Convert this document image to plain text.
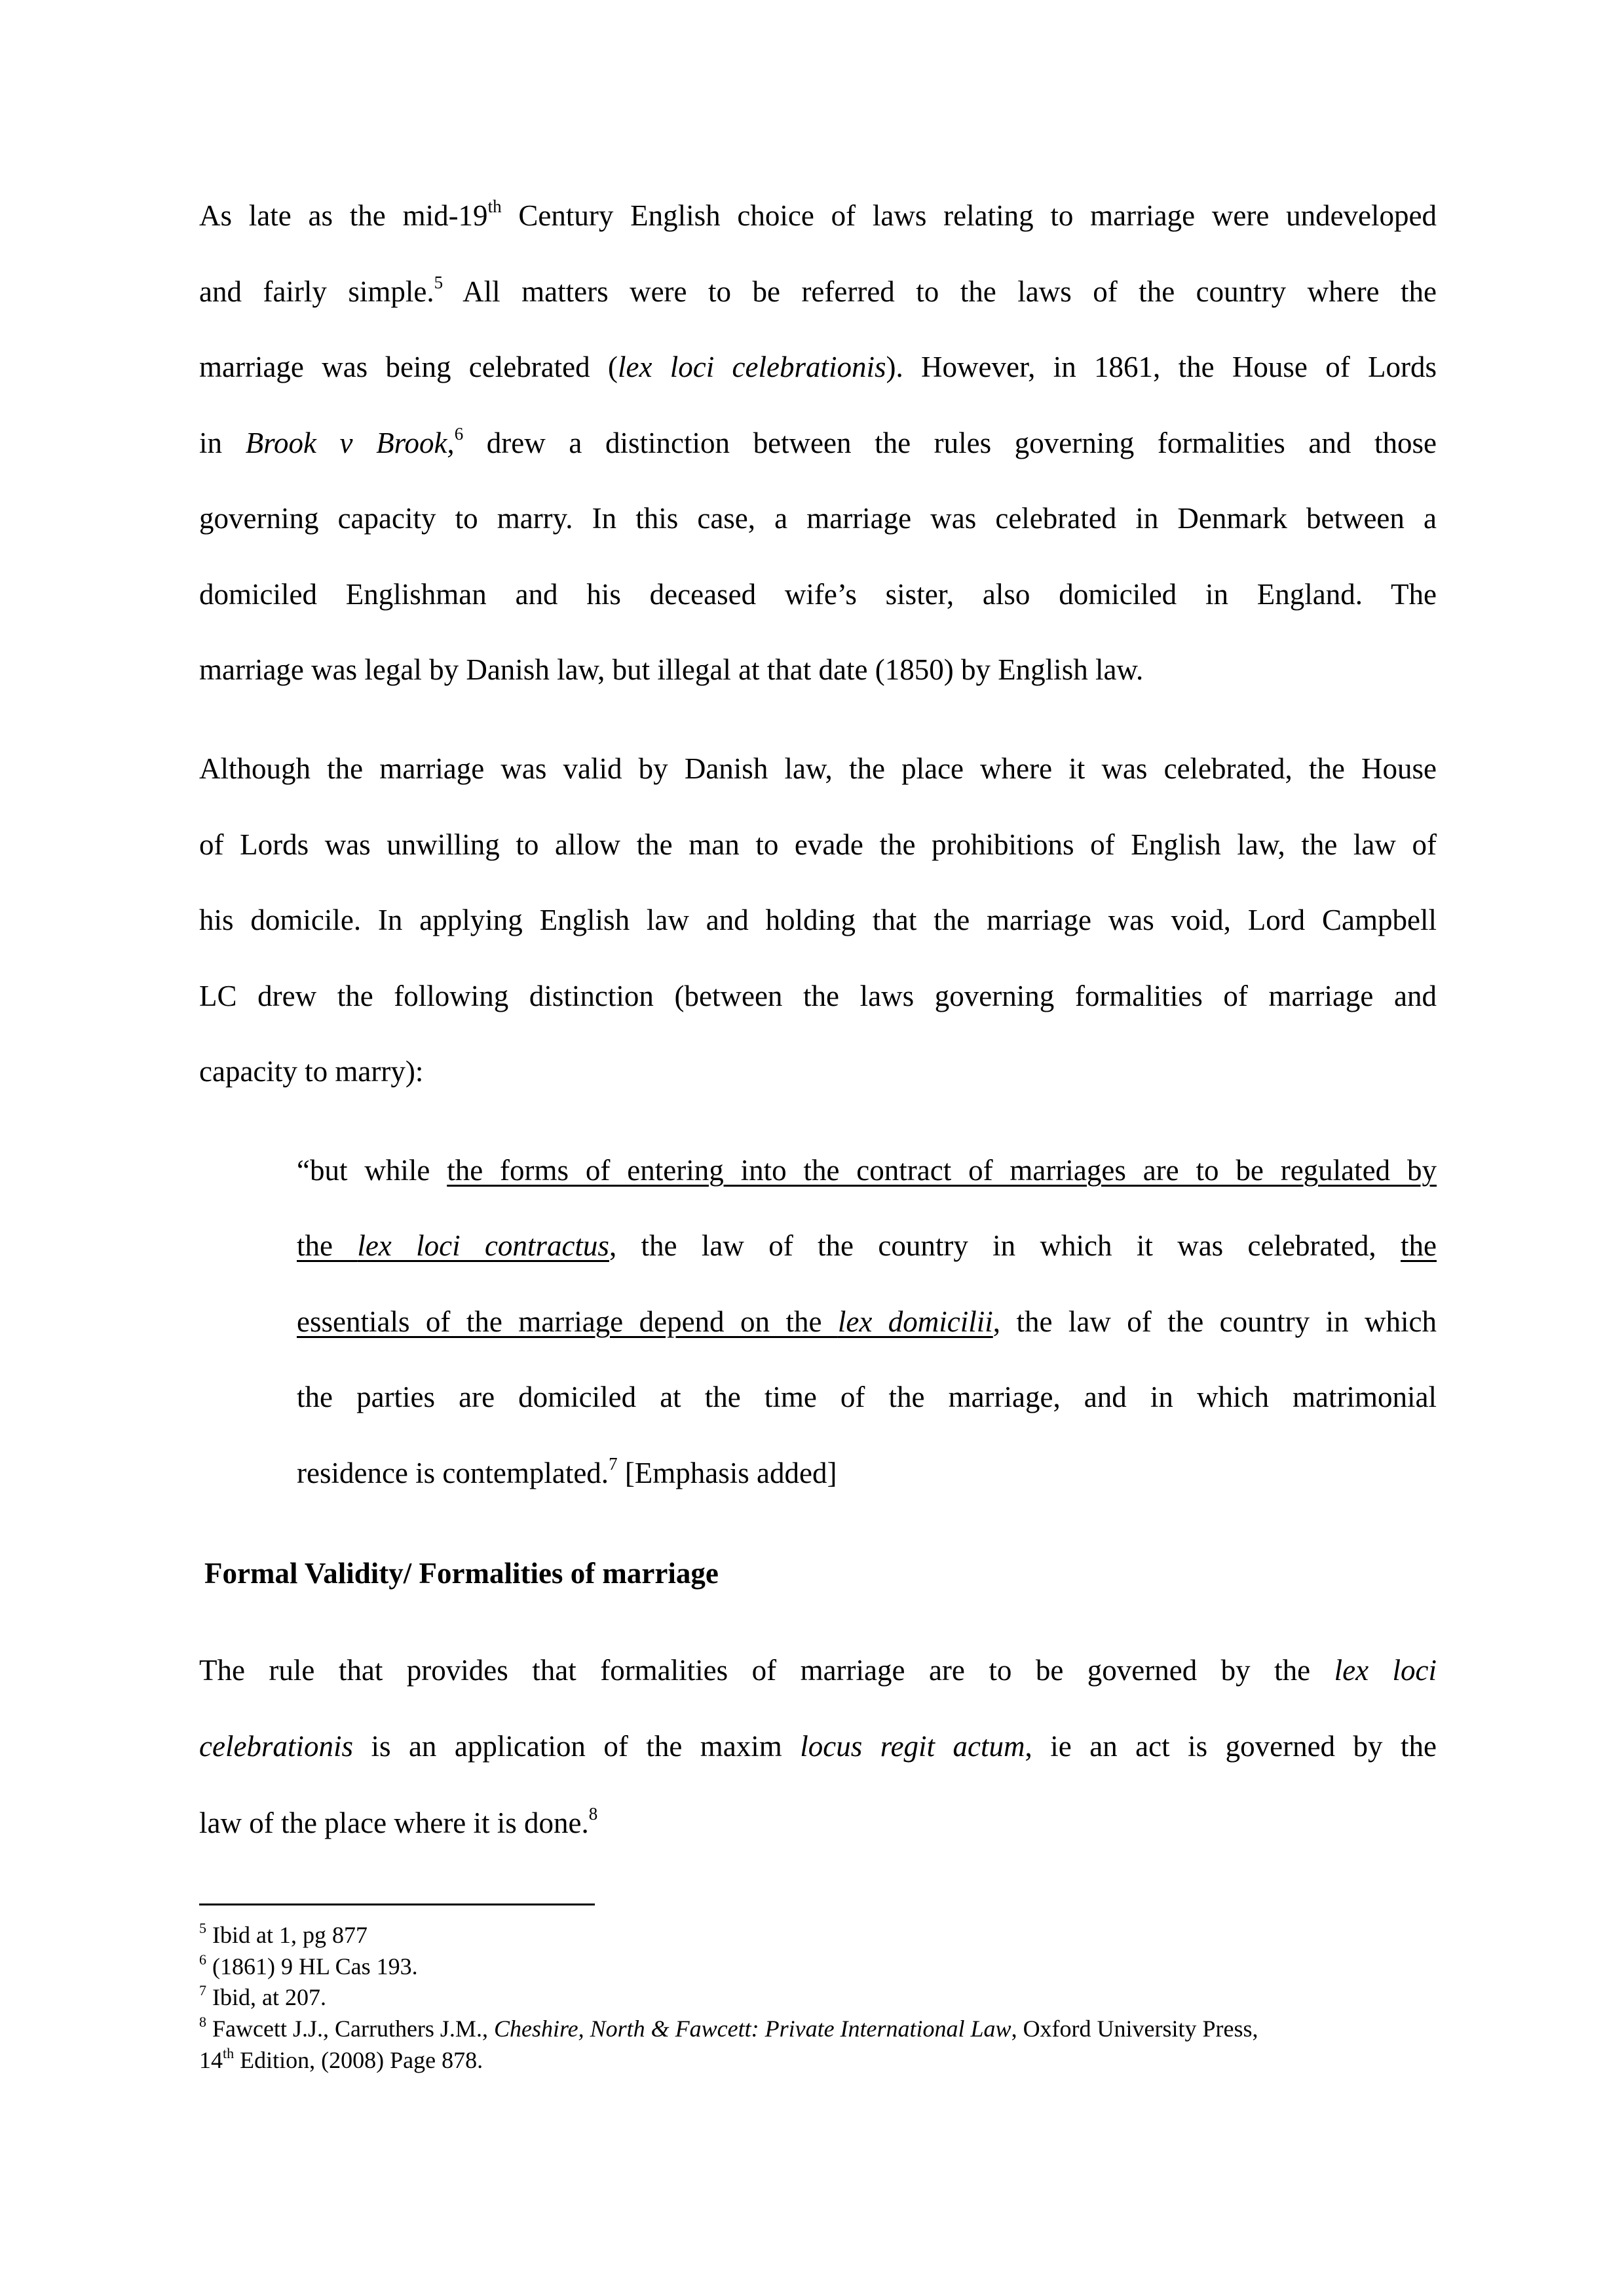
As late as the mid-19th Century English choice of laws relating to marriage were undeveloped
and fairly simple.$^5$ All matters were to be referred to the laws of the country where the
marriage was being celebrated (lex loci celebrationis). However, in 1861, the House of Lords
in Brook v Brook,$^6$ drew a distinction between the rules governing formalities and those
governing capacity to marry. In this case, a marriage was celebrated in Denmark between a
domiciled Englishman and his deceased wife’s sister, also domiciled in England. The
marriage was legal by Danish law, but illegal at that date (1850) by English law.
Although the marriage was valid by Danish law, the place where it was celebrated, the House
of Lords was unwilling to allow the man to evade the prohibitions of English law, the law of
his domicile. In applying English law and holding that the marriage was void, Lord Campbell
LC drew the following distinction (between the laws governing formalities of marriage and
capacity to marry):
“but while the forms of entering into the contract of marriages are to be regulated by
the lex loci contractus, the law of the country in which it was celebrated, the
essentials of the marriage depend on the lex domicilii, the law of the country in which
the parties are domiciled at the time of the marriage, and in which matrimonial
residence is contemplated.$^7$ [Emphasis added]
Formal Validity/ Formalities of marriage
The rule that provides that formalities of marriage are to be governed by the lex loci
celebrationis is an application of the maxim locus regit actum, ie an act is governed by the
law of the place where it is done.$^8$
$^5$ Ibid at 1, pg 877
$^6$ (1861) 9 HL Cas 193.
$^7$ Ibid, at 207.
$^8$ Fawcett J.J., Carruthers J.M., Cheshire, North & Fawcett: Private International Law, Oxford University Press,
14th Edition, (2008) Page 878.
